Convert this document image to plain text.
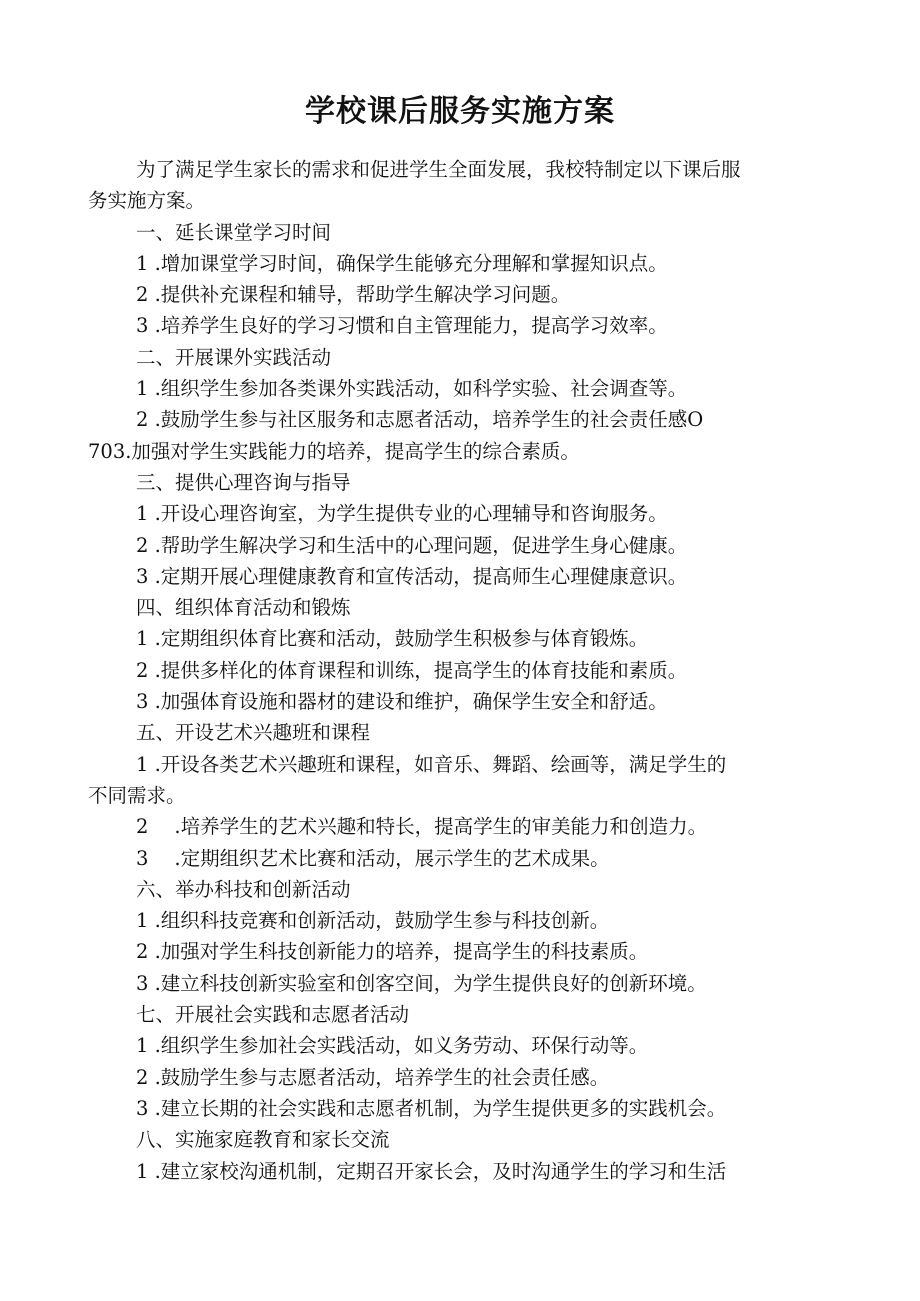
学校课后服务实施方案

为了满足学生家长的需求和促进学生全面发展，我校特制定以下课后服

务实施方案。

一、延长课堂学习时间

1 .增加课堂学习时间，确保学生能够充分理解和掌握知识点。

2 .提供补充课程和辅导，帮助学生解决学习问题。

3 .培养学生良好的学习习惯和自主管理能力，提高学习效率。

二、开展课外实践活动

1 .组织学生参加各类课外实践活动，如科学实验、社会调查等。

2 .鼓励学生参与社区服务和志愿者活动，培养学生的社会责任感O

703.加强对学生实践能力的培养，提高学生的综合素质。

三、提供心理咨询与指导

1 .开设心理咨询室，为学生提供专业的心理辅导和咨询服务。

2 .帮助学生解决学习和生活中的心理问题，促进学生身心健康。

3 .定期开展心理健康教育和宣传活动，提高师生心理健康意识。

四、组织体育活动和锻炼

1 .定期组织体育比赛和活动，鼓励学生积极参与体育锻炼。

2 .提供多样化的体育课程和训练，提高学生的体育技能和素质。

3 .加强体育设施和器材的建设和维护，确保学生安全和舒适。

五、开设艺术兴趣班和课程

1 .开设各类艺术兴趣班和课程，如音乐、舞蹈、绘画等，满足学生的

不同需求。

2 .培养学生的艺术兴趣和特长，提高学生的审美能力和创造力。

3 .定期组织艺术比赛和活动，展示学生的艺术成果。

六、举办科技和创新活动

1 .组织科技竞赛和创新活动，鼓励学生参与科技创新。

2 .加强对学生科技创新能力的培养，提高学生的科技素质。

3 .建立科技创新实验室和创客空间，为学生提供良好的创新环境。

七、开展社会实践和志愿者活动

1 .组织学生参加社会实践活动，如义务劳动、环保行动等。

2 .鼓励学生参与志愿者活动，培养学生的社会责任感。

3 .建立长期的社会实践和志愿者机制，为学生提供更多的实践机会。

八、实施家庭教育和家长交流

1 .建立家校沟通机制，定期召开家长会，及时沟通学生的学习和生活
